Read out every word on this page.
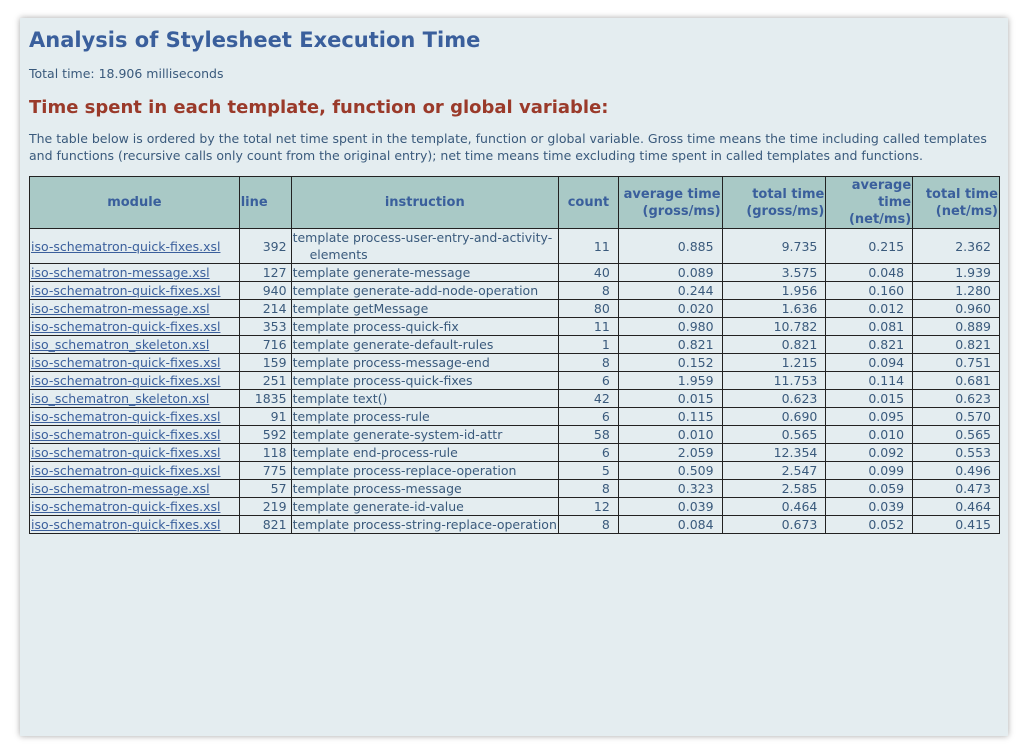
Analysis of Stylesheet Execution Time

Total time: 18.906 milliseconds

Time spent in each template, function or global variable:

The table below is ordered by the total net time spent in the template, function or global variable. Gross time means the time including called templates and functions (recursive calls only count from the original entry); net time means time excluding time spent in called templates and functions.

module	line	instruction	count	average time (gross/ms)	total time (gross/ms)	average time (net/ms)	total time (net/ms)

iso-schematron-quick-fixes.xsl	392	template process-user-entry-and-activity-elements	11	0.885	9.735	0.215	2.362

iso-schematron-message.xsl	127	template generate-message	40	0.089	3.575	0.048	1.939

iso-schematron-quick-fixes.xsl	940	template generate-add-node-operation	8	0.244	1.956	0.160	1.280

iso-schematron-message.xsl	214	template getMessage	80	0.020	1.636	0.012	0.960

iso-schematron-quick-fixes.xsl	353	template process-quick-fix	11	0.980	10.782	0.081	0.889

iso_schematron_skeleton.xsl	716	template generate-default-rules	1	0.821	0.821	0.821	0.821

iso-schematron-quick-fixes.xsl	159	template process-message-end	8	0.152	1.215	0.094	0.751

iso-schematron-quick-fixes.xsl	251	template process-quick-fixes	6	1.959	11.753	0.114	0.681

iso_schematron_skeleton.xsl	1835	template text()	42	0.015	0.623	0.015	0.623

iso-schematron-quick-fixes.xsl	91	template process-rule	6	0.115	0.690	0.095	0.570

iso-schematron-quick-fixes.xsl	592	template generate-system-id-attr	58	0.010	0.565	0.010	0.565

iso-schematron-quick-fixes.xsl	118	template end-process-rule	6	2.059	12.354	0.092	0.553

iso-schematron-quick-fixes.xsl	775	template process-replace-operation	5	0.509	2.547	0.099	0.496

iso-schematron-message.xsl	57	template process-message	8	0.323	2.585	0.059	0.473

iso-schematron-quick-fixes.xsl	219	template generate-id-value	12	0.039	0.464	0.039	0.464

iso-schematron-quick-fixes.xsl	821	template process-string-replace-operation	8	0.084	0.673	0.052	0.415
